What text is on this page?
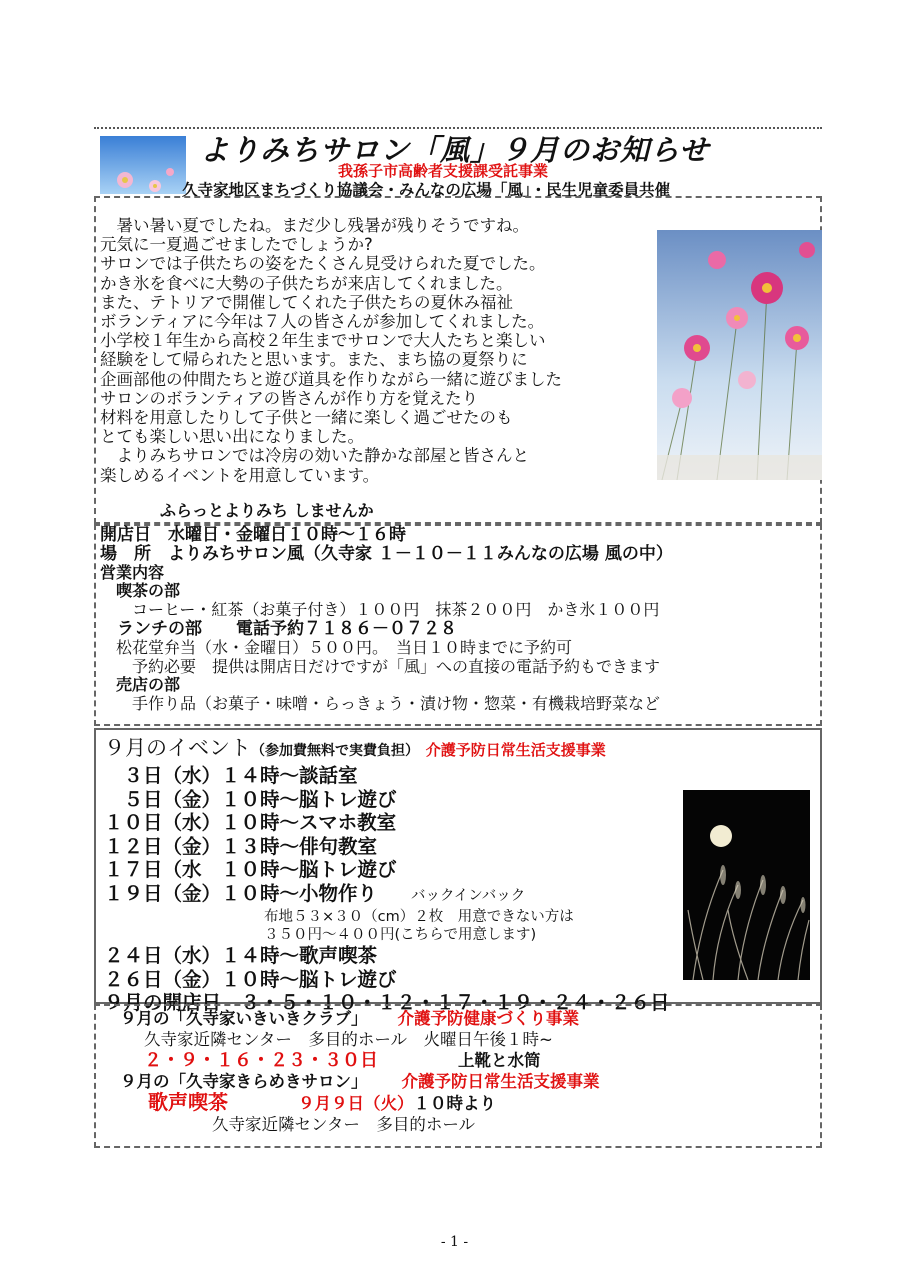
よりみちサロン「風」９月のお知らせ
我孫子市高齢者支援課受託事業
久寺家地区まちづくり協議会・みんなの広場「風」・民生児童委員共催
　暑い暑い夏でしたね。まだ少し残暑が残りそうですね。
元気に一夏過ごせましたでしょうか?
サロンでは子供たちの姿をたくさん見受けられた夏でした。
かき氷を食べに大勢の子供たちが来店してくれました。
また、テトリアで開催してくれた子供たちの夏休み福祉
ボランティアに今年は７人の皆さんが参加してくれました。
小学校１年生から高校２年生までサロンで大人たちと楽しい
経験をして帰られたと思います。また、まち協の夏祭りに
企画部他の仲間たちと遊び道具を作りながら一緒に遊びました
サロンのボランティアの皆さんが作り方を覚えたり
材料を用意したりして子供と一緒に楽しく過ごせたのも
とても楽しい思い出になりました。
　よりみちサロンでは冷房の効いた静かな部屋と皆さんと
楽しめるイベントを用意しています。
ふらっとよりみち しませんか
開店日　水曜日・金曜日１０時～１６時
場　所　よりみちサロン風（久寺家 １－１０－１１みんなの広場 風の中）
営業内容
　喫茶の部
　　コーヒー・紅茶（お菓子付き）１００円　抹茶２００円　かき氷１００円
　ランチの部　　電話予約７１８６－０７２８
　松花堂弁当（水・金曜日）５００円。　当日１０時までに予約可
　　予約必要　提供は開店日だけですが「風」への直接の電話予約もできます
　売店の部
　　手作り品（お菓子・味噌・らっきょう・漬け物・惣菜・有機栽培野菜など
９月のイベント（参加費無料で実費負担） 介護予防日常生活支援事業
　３日（水）１４時～談話室
　５日（金）１０時～脳トレ遊び
１０日（水）１０時～スマホ教室
１２日（金）１３時～俳句教室
１７日（水　１０時～脳トレ遊び
１９日（金）１０時～小物作り バックインバック
布地５３×３０（cm）２枚　用意できない方は
３５０円～４００円(こちらで用意します)
２４日（水）１４時～歌声喫茶
２６日（金）１０時～脳トレ遊び
９月の開店日　３・５・１０・１２・１７・１９・２４・２６日
９月の「久寺家いきいきクラブ」 介護予防健康づくり事業
久寺家近隣センター　多目的ホール　火曜日午後１時~
２・９・１６・２３・３０日	上靴と水筒
９月の「久寺家きらめきサロン」 介護予防日常生活支援事業
歌声喫茶	９月９日（火）１０時より
久寺家近隣センター　多目的ホール
- 1 -
